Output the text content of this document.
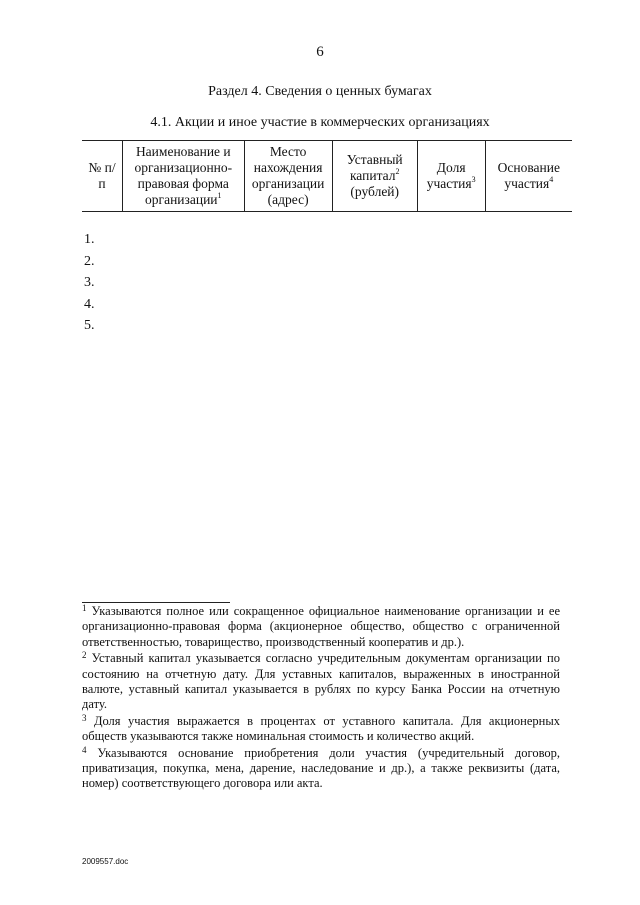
6
Раздел 4. Сведения о ценных бумагах
4.1. Акции и иное участие в коммерческих организациях
№ п/п	Наименование и организационно-правовая форма организации$^1$	Место нахождения организации (адрес)	Уставный капитал$^2$ (рублей)	Доля участия$^3$	Основание участия$^4$
1.
2.
3.
4.
5.

$^1$ Указываются полное или сокращенное официальное наименование организации и ее организационно-правовая форма (акционерное общество, общество с ограниченной ответственностью, товарищество, производственный кооператив и др.).

$^2$ Уставный капитал указывается согласно учредительным документам организации по состоянию на отчетную дату. Для уставных капиталов, выраженных в иностранной валюте, уставный капитал указывается в рублях по курсу Банка России на отчетную дату.

$^3$ Доля участия выражается в процентах от уставного капитала. Для акционерных обществ указываются также номинальная стоимость и количество акций.

$^4$ Указываются основание приобретения доли участия (учредительный договор, приватизация, покупка, мена, дарение, наследование и др.), а также реквизиты (дата, номер) соответствующего договора или акта.

2009557.doc
